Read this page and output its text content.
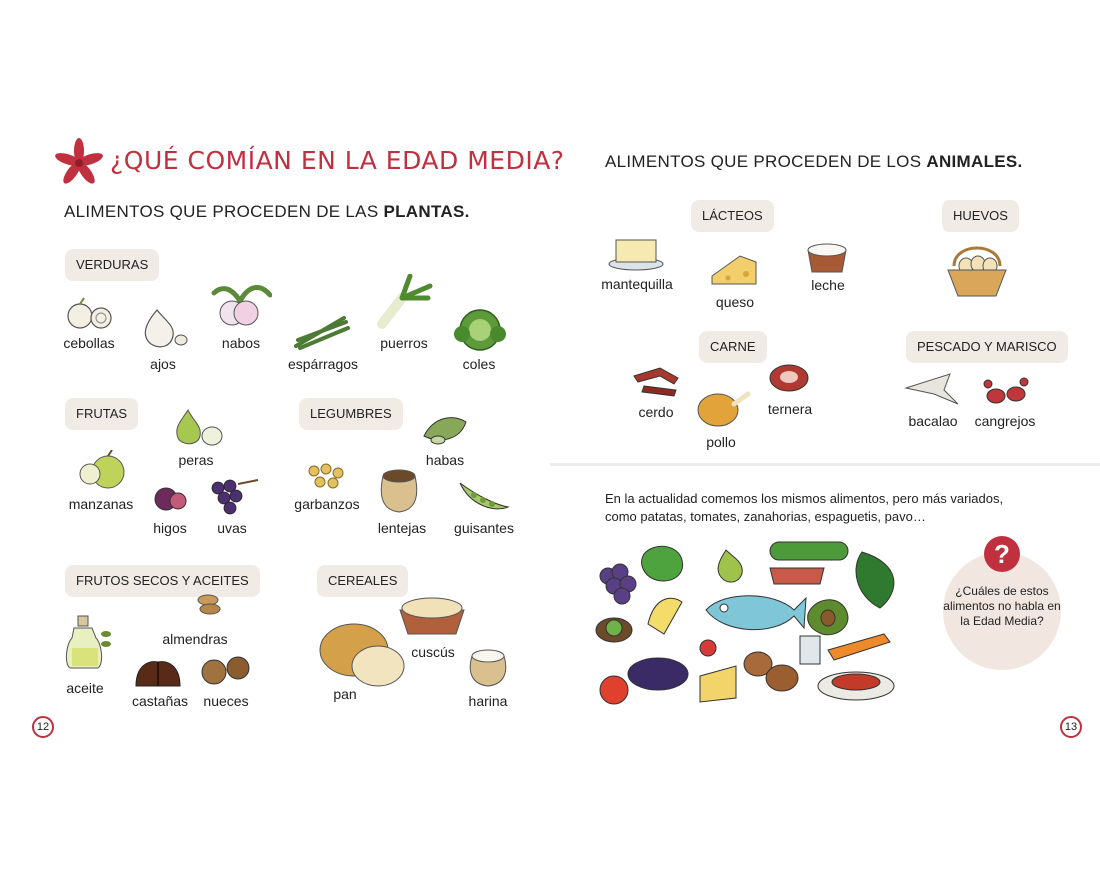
¿QUÉ COMÍAN EN LA EDAD MEDIA?
ALIMENTOS QUE PROCEDEN DE LAS PLANTAS.
VERDURAS
cebollas
ajos
nabos
espárragos
puerros
coles
FRUTAS
peras
manzanas
higos uvas
LEGUMBRES
habas
garbanzos
lentejas guisantes
FRUTOS SECOS Y ACEITES
aceite
almendras
castañas nueces
CEREALES
cuscús
pan	harina
12
ALIMENTOS QUE PROCEDEN DE LOS ANIMALES.
LÁCTEOS
mantequilla
queso
leche
HUEVOS
CARNE
cerdo
pollo
ternera
PESCADO Y MARISCO
bacalao cangrejos
En la actualidad comemos los mismos alimentos, pero más variados,
como patatas, tomates, zanahorias, espaguetis, pavo…
?
¿Cuáles de estos alimentos no habla en la Edad Media?
13
